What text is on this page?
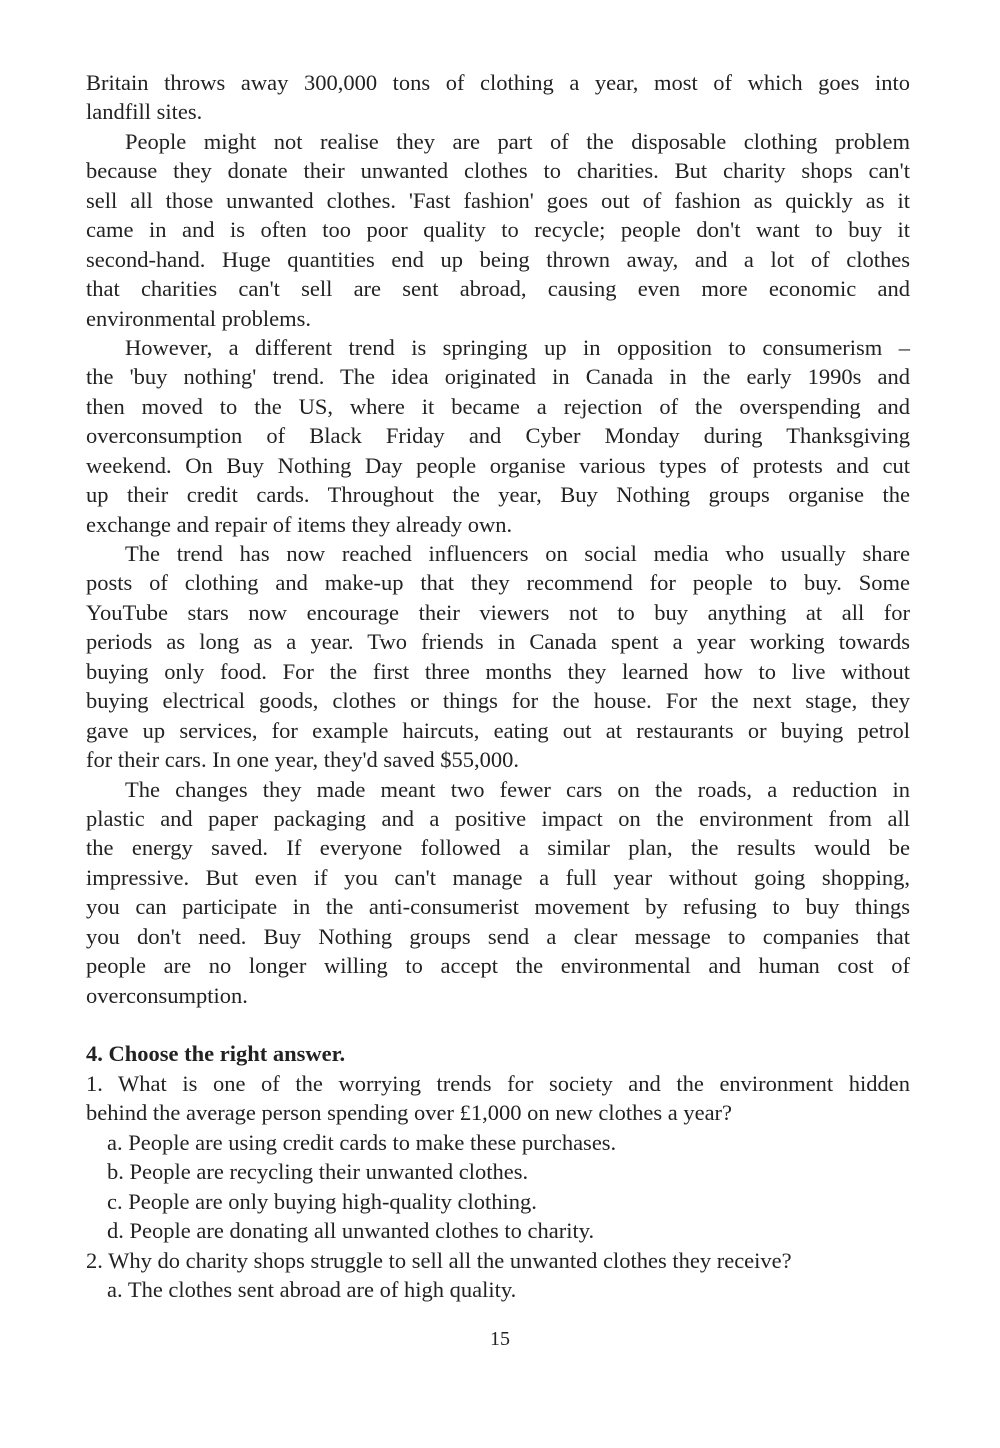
Britain throws away 300,000 tons of clothing a year, most of which goes into
landfill sites.
People might not realise they are part of the disposable clothing problem
because they donate their unwanted clothes to charities. But charity shops can't
sell all those unwanted clothes. 'Fast fashion' goes out of fashion as quickly as it
came in and is often too poor quality to recycle; people don't want to buy it
second-hand. Huge quantities end up being thrown away, and a lot of clothes
that charities can't sell are sent abroad, causing even more economic and
environmental problems.
However, a different trend is springing up in opposition to consumerism –
the 'buy nothing' trend. The idea originated in Canada in the early 1990s and
then moved to the US, where it became a rejection of the overspending and
overconsumption of Black Friday and Cyber Monday during Thanksgiving
weekend. On Buy Nothing Day people organise various types of protests and cut
up their credit cards. Throughout the year, Buy Nothing groups organise the
exchange and repair of items they already own.
The trend has now reached influencers on social media who usually share
posts of clothing and make-up that they recommend for people to buy. Some
YouTube stars now encourage their viewers not to buy anything at all for
periods as long as a year. Two friends in Canada spent a year working towards
buying only food. For the first three months they learned how to live without
buying electrical goods, clothes or things for the house. For the next stage, they
gave up services, for example haircuts, eating out at restaurants or buying petrol
for their cars. In one year, they'd saved $55,000.
The changes they made meant two fewer cars on the roads, a reduction in
plastic and paper packaging and a positive impact on the environment from all
the energy saved. If everyone followed a similar plan, the results would be
impressive. But even if you can't manage a full year without going shopping,
you can participate in the anti-consumerist movement by refusing to buy things
you don't need. Buy Nothing groups send a clear message to companies that
people are no longer willing to accept the environmental and human cost of
overconsumption.
4. Choose the right answer.
1. What is one of the worrying trends for society and the environment hidden
behind the average person spending over £1,000 on new clothes a year?
a. People are using credit cards to make these purchases.
b. People are recycling their unwanted clothes.
c. People are only buying high-quality clothing.
d. People are donating all unwanted clothes to charity.
2. Why do charity shops struggle to sell all the unwanted clothes they receive?
a. The clothes sent abroad are of high quality.
15
